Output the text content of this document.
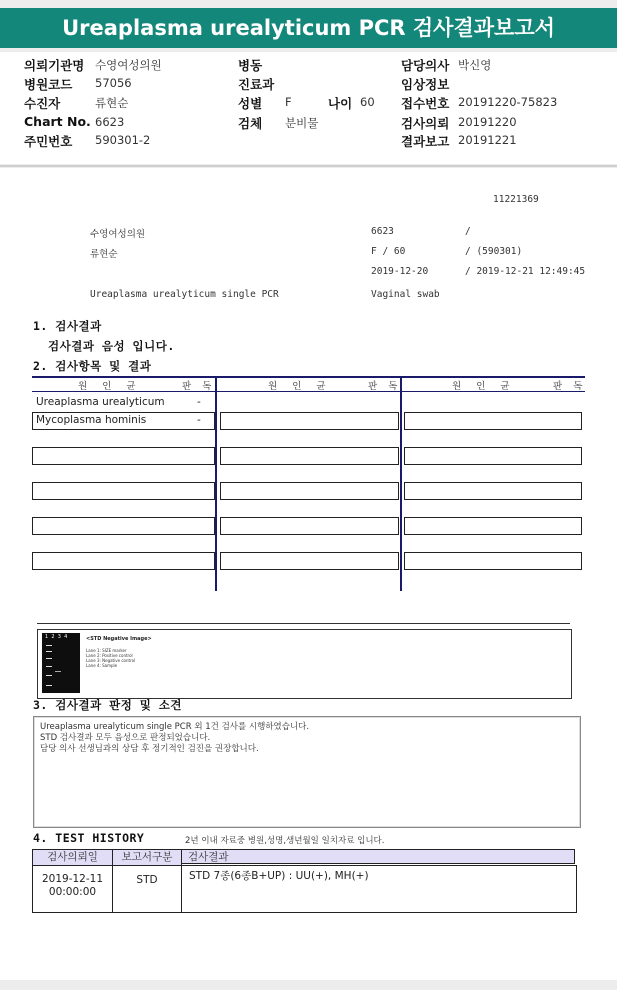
Ureaplasma urealyticum PCR 검사결과보고서
의뢰기관명 수영여성의원
병원코드 57056
수진자	류현순
Chart No. 6623
주민번호 590301-2
병동
진료과
성별 F
검체 분비물
나이 60
담당의사 박신영
임상정보
접수번호 20191220-75823
검사의뢰 20191220
결과보고 20191221
11221369
수영여성의원	6623	/
류현순	F / 60	/ (590301)
2019-12-20	/ 2019-12-21 12:49:45
Ureaplasma urealyticum single PCR	Vaginal swab
1. 검사결과
검사결과 음성 입니다.
2. 검사항목 및 결과
원 인 균	판 독	원 인 균	판 독	원 인 균	판 독
Ureaplasma urealyticum	-
Mycoplasma hominis	-
1  2  3  4	<STD Negative Image>
Lane 1: SIZE marker
Lane 2: Positive control
Lane 3: Negative control
Lane 4: Sample
3. 검사결과 판정 및 소견
Ureaplasma urealyticum single PCR 외 1건 검사를 시행하였습니다.
STD 검사결과 모두 음성으로 판정되었습니다.
담당 의사 선생님과의 상담 후 정기적인 검진을 권장합니다.
4. TEST HISTORY	2년 이내 자료중 병원,성명,생년월일 일치자료 입니다.
검사의뢰일	보고서구분	검사결과
2019-12-11
00:00:00
STD	STD 7종(6종B+UP) : UU(+), MH(+)
